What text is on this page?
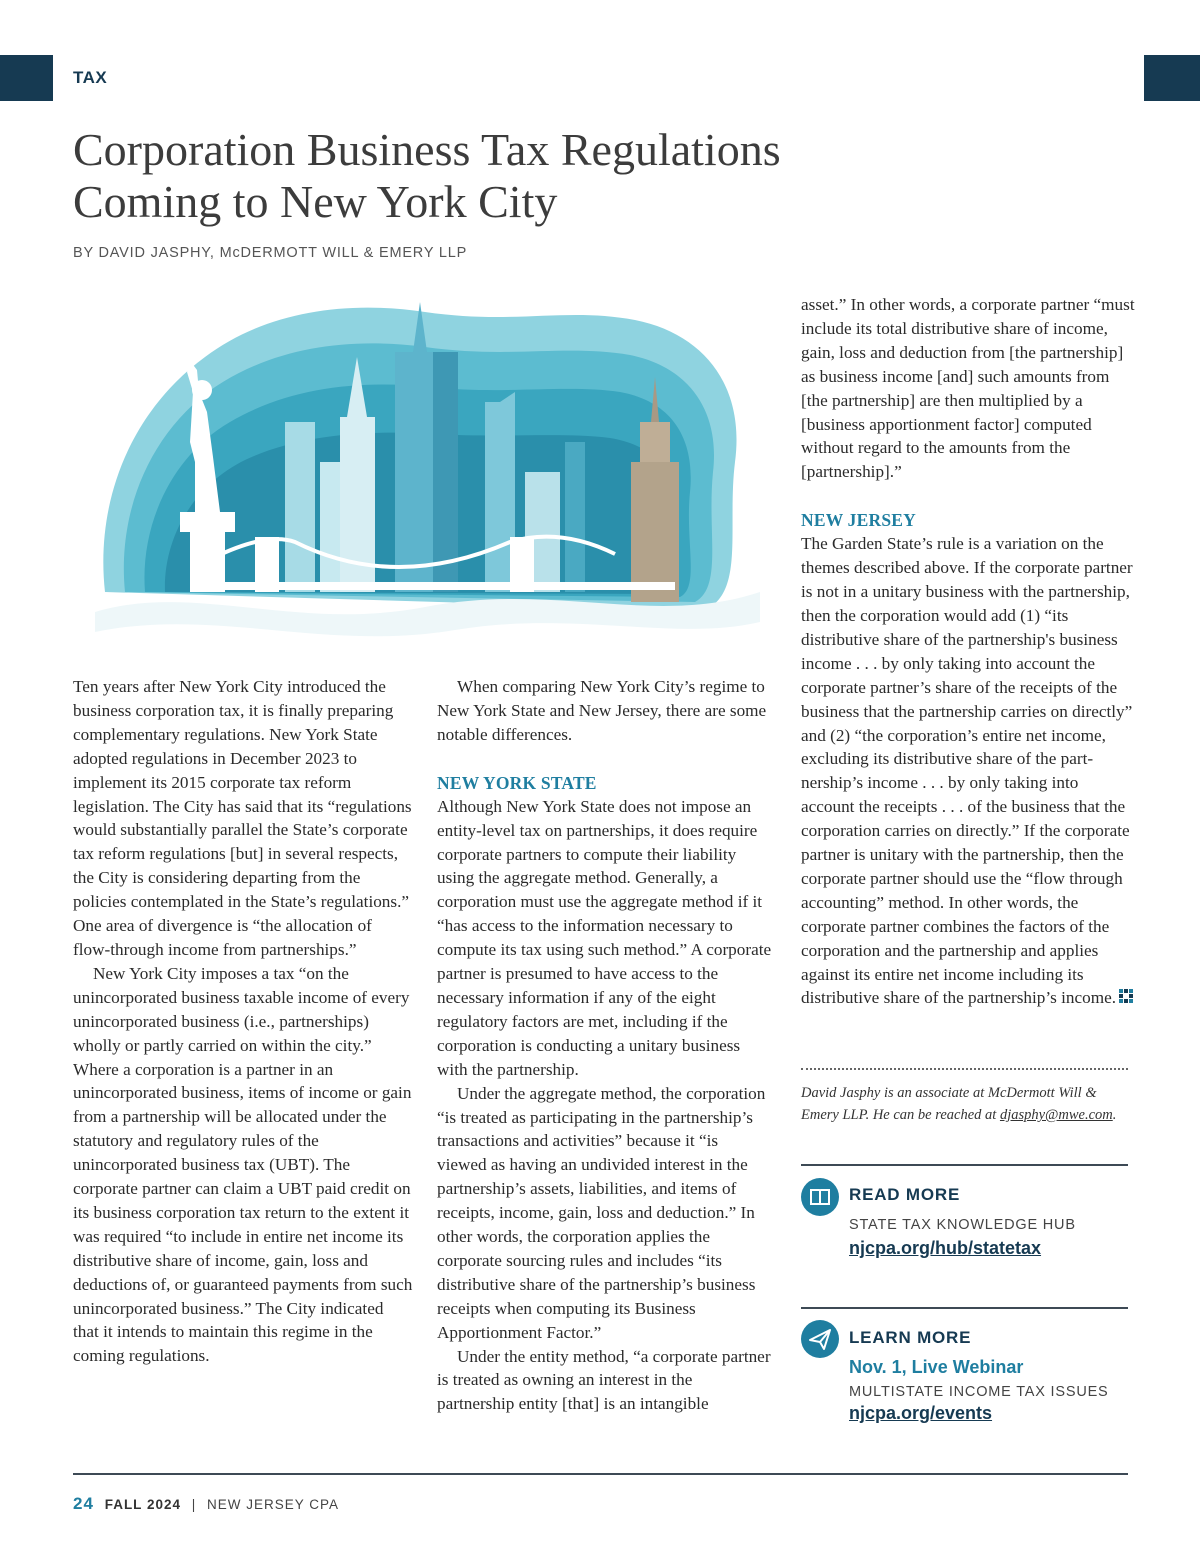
TAX
Corporation Business Tax Regulations Coming to New York City
BY DAVID JASPHY, McDERMOTT WILL & EMERY LLP

Ten years after New York City introduced the business corporation tax, it is finally preparing complementary regulations. New York State adopted regulations in December 2023 to implement its 2015 corporate tax reform legislation. The City has said that its “regulations would substantially parallel the State’s corporate tax reform regulations [but] in several respects, the City is considering departing from the policies contemplated in the State’s regulations.” One area of divergence is “the allocation of flow-through income from partnerships.”

New York City imposes a tax “on the unincorporated business taxable income of every unincorporated business (i.e., partnerships) wholly or partly carried on within the city.” Where a corporation is a partner in an unincorporated business, items of income or gain from a partnership will be allocated under the statutory and regulatory rules of the unincorporated business tax (UBT). The corporate partner can claim a UBT paid credit on its business corporation tax return to the extent it was required “to include in entire net income its distributive share of income, gain, loss and deductions of, or guaranteed payments from such unincorporated business.” The City indicated that it intends to maintain this regime in the coming regulations.

When comparing New York City’s regime to New York State and New Jersey, there are some notable differences.

NEW YORK STATE

Although New York State does not impose an entity-level tax on partnerships, it does require corporate partners to compute their liability using the aggregate method. Generally, a corporation must use the aggregate method if it “has access to the information necessary to compute its tax using such method.” A corporate partner is presumed to have access to the necessary information if any of the eight regulatory factors are met, including if the corporation is conducting a unitary business with the partnership.

Under the aggregate method, the corporation “is treated as participating in the partnership’s transactions and activities” because it “is viewed as having an undivided interest in the partnership’s assets, liabilities, and items of receipts, income, gain, loss and deduction.” In other words, the corporation applies the corporate sourcing rules and includes “its distributive share of the partnership’s business receipts when computing its Business Apportionment Factor.”

Under the entity method, “a corporate partner is treated as owning an interest in the partnership entity [that] is an intangible

asset.” In other words, a corporate partner “must include its total distributive share of income, gain, loss and deduction from [the partnership] as business income [and] such amounts from [the partnership] are then multiplied by a [business apportionment factor] computed without regard to the amounts from the [partnership].”

NEW JERSEY

The Garden State’s rule is a variation on the themes described above. If the corporate partner is not in a unitary business with the partnership, then the corporation would add (1) “its distributive share of the partnership's business income . . . by only taking into account the corporate partner’s share of the receipts of the business that the partnership carries on directly” and (2) “the corporation’s entire net income, excluding its distributive share of the partnership’s income . . . by only taking into account the receipts . . . of the business that the corporation carries on directly.” If the corporate partner is unitary with the partnership, then the corporate partner should use the “flow through accounting” method. In other words, the corporate partner combines the factors of the corporation and the partnership and applies against its entire net income including its distributive share of the partnership’s income.

David Jasphy is an associate at McDermott Will & Emery LLP. He can be reached at djasphy@mwe.com.
READ MORE
STATE TAX KNOWLEDGE HUB
njcpa.org/hub/statetax
LEARN MORE
Nov. 1, Live Webinar
MULTISTATE INCOME TAX ISSUES
njcpa.org/events
24 FALL 2024 | NEW JERSEY CPA
